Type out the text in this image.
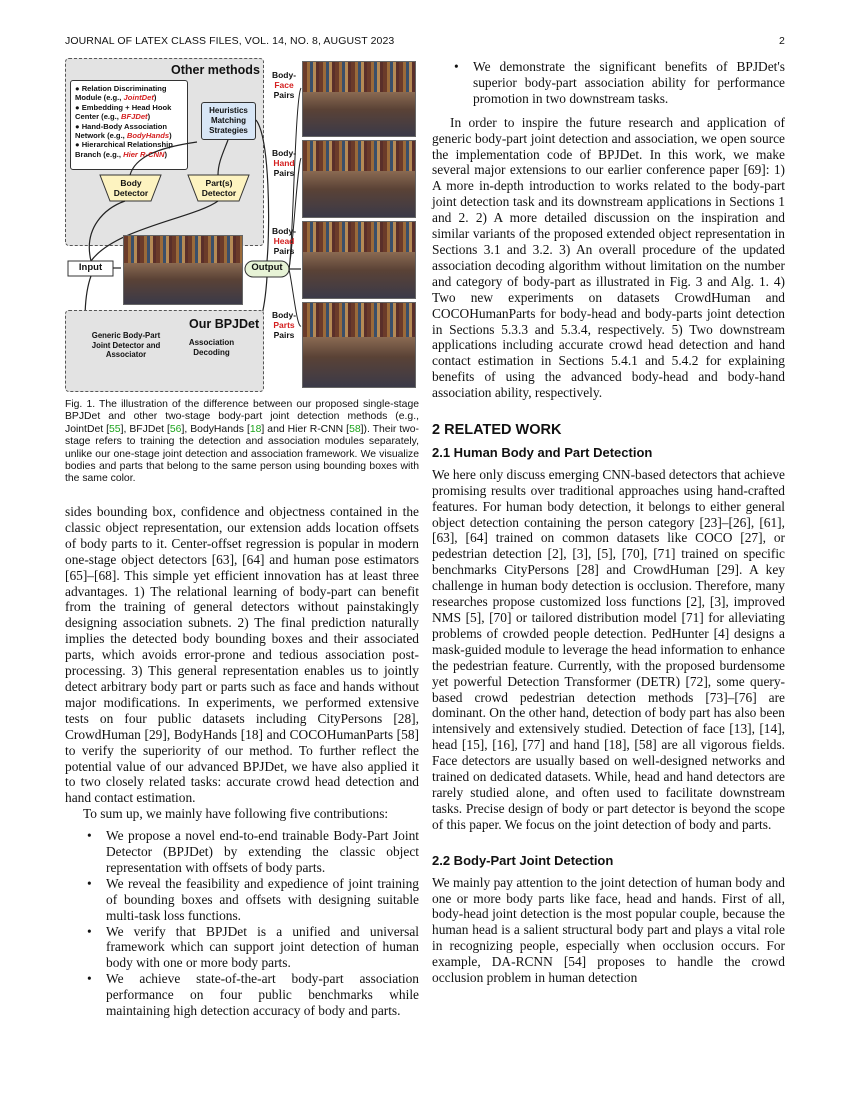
JOURNAL OF LATEX CLASS FILES, VOL. 14, NO. 8, AUGUST 2023	2
Other methods
● Relation Discriminating Module (e.g., JointDet)
● Embedding + Head Hook Center (e.g., BFJDet)
● Hand-Body Association Network (e.g., BodyHands)
● Hierarchical Relationship Branch (e.g., Hier R-CNN)
Heuristics Matching Strategies
Body Detector
Part(s) Detector
Input	Output
Our BPJDet
Generic Body-Part Joint Detector and Associator
Association Decoding
Body-
Face
Pairs
Body-
Hand
Pairs
Body-
Head
Pairs
Body-
Parts
Pairs
Fig. 1. The illustration of the difference between our proposed single-stage BPJDet and other two-stage body-part joint detection methods (e.g., JointDet [55], BFJDet [56], BodyHands [18] and Hier R-CNN [58]). Their two-stage refers to training the detection and association modules separately, unlike our one-stage joint detection and association framework. We visualize bodies and parts that belong to the same person using bounding boxes with the same color.

sides bounding box, confidence and objectness contained in the classic object representation, our extension adds location offsets of body parts to it. Center-offset regression is popular in modern one-stage object detectors [63], [64] and human pose estimators [65]–[68]. This simple yet efficient innovation has at least three advantages. 1) The relational learning of body-part can benefit from the training of general detectors without painstakingly designing association subnets. 2) The final prediction naturally implies the detected body bounding boxes and their associated parts, which avoids error-prone and tedious association post-processing. 3) This general representation enables us to jointly detect arbitrary body part or parts such as face and hands without major modifications. In experiments, we performed extensive tests on four public datasets including CityPersons [28], CrowdHuman [29], BodyHands [18] and COCOHumanParts [58] to verify the superiority of our method. To further reflect the potential value of our advanced BPJDet, we have also applied it to two closely related tasks: accurate crowd head detection and hand contact estimation.

To sum up, we mainly have following five contributions:

• We propose a novel end-to-end trainable Body-Part Joint Detector (BPJDet) by extending the classic object representation with offsets of body parts.
• We reveal the feasibility and expedience of joint training of bounding boxes and offsets with designing suitable multi-task loss functions.
• We verify that BPJDet is a unified and universal framework which can support joint detection of human body with one or more body parts.
• We achieve state-of-the-art body-part association performance on four public benchmarks while maintaining high detection accuracy of body and parts.
• We demonstrate the significant benefits of BPJDet's superior body-part association ability for performance promotion in two downstream tasks.

In order to inspire the future research and application of generic body-part joint detection and association, we open source the implementation code of BPJDet. In this work, we make several major extensions to our earlier conference paper [69]: 1) A more in-depth introduction to works related to the body-part joint detection task and its downstream applications in Sections 1 and 2. 2) A more detailed discussion on the inspiration and similar variants of the proposed extended object representation in Sections 3.1 and 3.2. 3) An overall procedure of the updated association decoding algorithm without limitation on the number and category of body-part as illustrated in Fig. 3 and Alg. 1. 4) Two new experiments on datasets CrowdHuman and COCOHumanParts for body-head and body-parts joint detection in Sections 5.3.3 and 5.3.4, respectively. 5) Two downstream applications including accurate crowd head detection and hand contact estimation in Sections 5.4.1 and 5.4.2 for explaining benefits of using the advanced body-head and body-hand association ability, respectively.

2 RELATED WORK
2.1 Human Body and Part Detection

We here only discuss emerging CNN-based detectors that achieve promising results over traditional approaches using hand-crafted features. For human body detection, it belongs to either general object detection containing the person category [23]–[26], [61], [63], [64] trained on common datasets like COCO [27], or pedestrian detection [2], [3], [5], [70], [71] trained on specific benchmarks CityPersons [28] and CrowdHuman [29]. A key challenge in human body detection is occlusion. Therefore, many researches propose customized loss functions [2], [3], improved NMS [5], [70] or tailored distribution model [71] for alleviating problems of crowded people detection. PedHunter [4] designs a mask-guided module to leverage the head information to enhance the pedestrian feature. Currently, with the proposed burdensome yet powerful Detection Transformer (DETR) [72], some query-based crowd pedestrian detection methods [73]–[76] are dominant. On the other hand, detection of body part has also been intensively and extensively studied. Detection of face [13], [14], head [15], [16], [77] and hand [18], [58] are all vigorous fields. Face detectors are usually based on well-designed networks and trained on dedicated datasets. While, head and hand detectors are rarely studied alone, and often used to facilitate downstream tasks. Precise design of body or part detector is beyond the scope of this paper. We focus on the joint detection of body and parts.

2.2 Body-Part Joint Detection

We mainly pay attention to the joint detection of human body and one or more body parts like face, head and hands. First of all, body-head joint detection is the most popular couple, because the human head is a salient structural body part and plays a vital role in recognizing people, especially when occlusion occurs. For example, DA-RCNN [54] proposes to handle the crowd occlusion problem in human detection
